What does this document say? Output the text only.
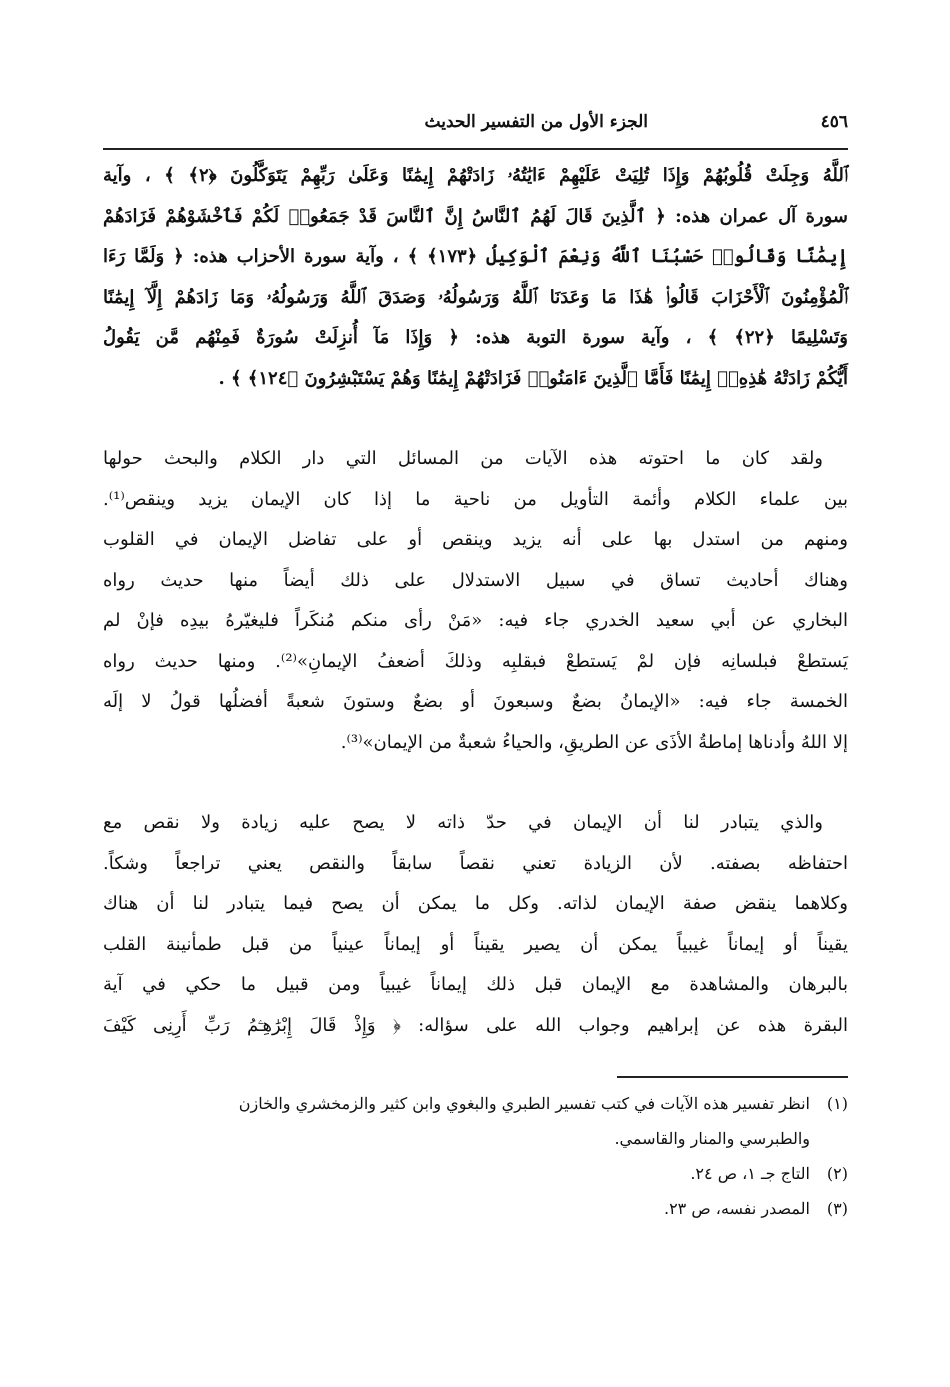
٤٥٦
الجزء الأول من التفسير الحديث
ٱللَّهُ وَجِلَتْ قُلُوبُهُمْ وَإِذَا تُلِيَتْ عَلَيْهِمْ ءَايَٰتُهُۥ زَادَتْهُمْ إِيمَٰنًا وَعَلَىٰ رَبِّهِمْ يَتَوَكَّلُونَ ﴿٢﴾ ﴾ ، وآية
سورة آل عمران هذه: ﴿ ٱلَّذِينَ قَالَ لَهُمُ ٱلنَّاسُ إِنَّ ٱلنَّاسَ قَدْ جَمَعُوا۟ لَكُمْ فَٱخْشَوْهُمْ فَزَادَهُمْ
إِيمَٰنًا وَقَالُوا۟ حَسْبُنَا ٱللَّهُ وَنِعْمَ ٱلْوَكِيلُ ﴿١٧٣﴾ ﴾ ، وآية سورة الأحزاب هذه: ﴿ وَلَمَّا رَءَا
ٱلْمُؤْمِنُونَ ٱلْأَحْزَابَ قَالُوا۟ هَٰذَا مَا وَعَدَنَا ٱللَّهُ وَرَسُولُهُۥ وَصَدَقَ ٱللَّهُ وَرَسُولُهُۥ وَمَا زَادَهُمْ إِلَّآ إِيمَٰنًا
وَتَسْلِيمًا ﴿٢٢﴾ ﴾ ، وآية سورة التوبة هذه: ﴿ وَإِذَا مَآ أُنزِلَتْ سُورَةٌ فَمِنْهُم مَّن يَقُولُ
أَيُّكُمْ زَادَتْهُ هَٰذِهِۦٓ إِيمَٰنًا فَأَمَّا ٱلَّذِينَ ءَامَنُوا۟ فَزَادَتْهُمْ إِيمَٰنًا وَهُمْ يَسْتَبْشِرُونَ ﴿١٢٤﴾ ﴾ .
ولقد كان ما احتوته هذه الآيات من المسائل التي دار الكلام والبحث حولها
بين علماء الكلام وأئمة التأويل من ناحية ما إذا كان الإيمان يزيد وينقص⁽¹⁾.
ومنهم من استدل بها على أنه يزيد وينقص أو على تفاضل الإيمان في القلوب
وهناك أحاديث تساق في سبيل الاستدلال على ذلك أيضاً منها حديث رواه
البخاري عن أبي سعيد الخدري جاء فيه: «مَنْ رأى منكم مُنكَراً فليغيّرهُ بيدِه فإنْ لم
يَستطعْ فبلسانِه فإن لمْ يَستطعْ فبقلبِه وذلكَ أضعفُ الإيمانِ»⁽²⁾. ومنها حديث رواه
الخمسة جاء فيه: «الإيمانُ بضعٌ وسبعونَ أو بضعٌ وستونَ شعبةً أفضلُها قولُ لا إلَه
إلا اللهُ وأدناها إماطةُ الأذَى عن الطريقِ، والحياءُ شعبةٌ من الإيمان»⁽³⁾.
والذي يتبادر لنا أن الإيمان في حدّ ذاته لا يصح عليه زيادة ولا نقص مع
احتفاظه بصفته. لأن الزيادة تعني نقصاً سابقاً والنقص يعني تراجعاً وشكاً.
وكلاهما ينقض صفة الإيمان لذاته. وكل ما يمكن أن يصح فيما يتبادر لنا أن هناك
يقيناً أو إيماناً غيبياً يمكن أن يصير يقيناً أو إيماناً عينياً من قبل طمأنينة القلب
بالبرهان والمشاهدة مع الإيمان قبل ذلك إيماناً غيبياً ومن قبيل ما حكي في آية
البقرة هذه عن إبراهيم وجواب الله على سؤاله: ﴿ وَإِذْ قَالَ إِبْرَٰهِـۧمُ رَبِّ أَرِنِى كَيْفَ
(١)
انظر تفسير هذه الآيات في كتب تفسير الطبري والبغوي وابن كثير والزمخشري والخازن
والطبرسي والمنار والقاسمي.
(٢)
التاج جـ ١، ص ٢٤.
(٣)
المصدر نفسه، ص ٢٣.
